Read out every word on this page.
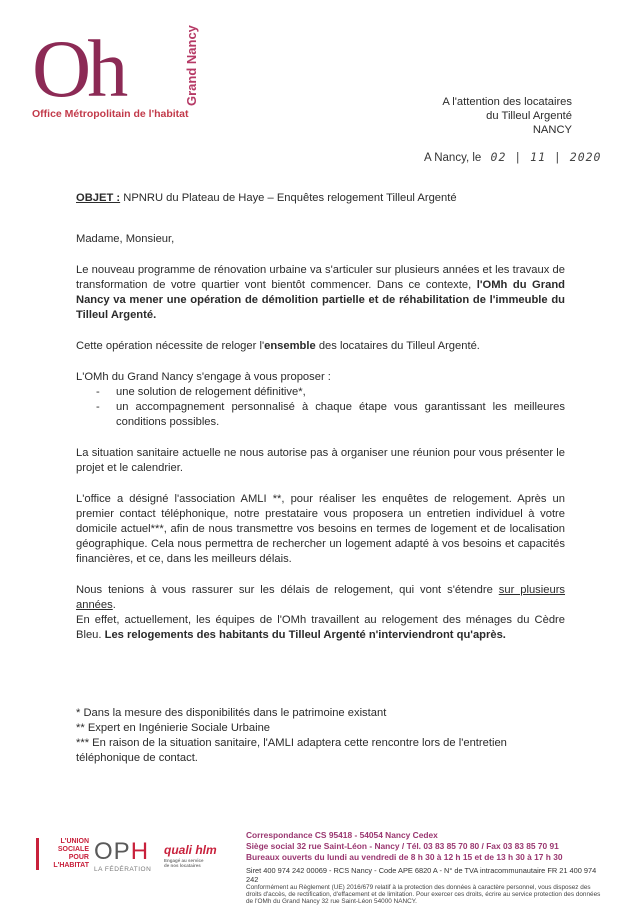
Oh	Grand Nancy
Office Métropolitain de l'habitat
A l'attention des locataires
du Tilleul Argenté
NANCY
A Nancy, le 02 | 11 | 2020
OBJET : NPNRU du Plateau de Haye – Enquêtes relogement Tilleul Argenté

Madame, Monsieur,

Le nouveau programme de rénovation urbaine va s'articuler sur plusieurs années et les travaux de transformation de votre quartier vont bientôt commencer. Dans ce contexte, l'OMh du Grand Nancy va mener une opération de démolition partielle et de réhabilitation de l'immeuble du Tilleul Argenté.

Cette opération nécessite de reloger l'ensemble des locataires du Tilleul Argenté.

L'OMh du Grand Nancy s'engage à vous proposer :

- une solution de relogement définitive*,
- un accompagnement personnalisé à chaque étape vous garantissant les meilleures conditions possibles.

La situation sanitaire actuelle ne nous autorise pas à organiser une réunion pour vous présenter le projet et le calendrier.

L'office a désigné l'association AMLI **, pour réaliser les enquêtes de relogement. Après un premier contact téléphonique, notre prestataire vous proposera un entretien individuel à votre domicile actuel***, afin de nous transmettre vos besoins en termes de logement et de localisation géographique. Cela nous permettra de rechercher un logement adapté à vos besoins et capacités financières, et ce, dans les meilleurs délais.

Nous tenions à vous rassurer sur les délais de relogement, qui vont s'étendre sur plusieurs années.

En effet, actuellement, les équipes de l'OMh travaillent au relogement des ménages du Cèdre Bleu. Les relogements des habitants du Tilleul Argenté n'interviendront qu'après.

* Dans la mesure des disponibilités dans le patrimoine existant
** Expert en Ingénierie Sociale Urbaine
*** En raison de la situation sanitaire, l'AMLI adaptera cette rencontre lors de l'entretien téléphonique de contact.
L'UNION SOCIALE POUR L'HABITAT
OPH
LA FÉDÉRATION
quali hlm
Engagé au service de nos locataires
Correspondance CS 95418 - 54054 Nancy Cedex
Siège social 32 rue Saint-Léon - Nancy / Tél. 03 83 85 70 80 / Fax 03 83 85 70 91
Bureaux ouverts du lundi au vendredi de 8 h 30 à 12 h 15 et de 13 h 30 à 17 h 30
Siret 400 974 242 00069 - RCS Nancy - Code APE 6820 A - N° de TVA intracommunautaire FR 21 400 974 242
Conformément au Règlement (UE) 2016/679 relatif à la protection des données à caractère personnel, vous disposez des droits d'accès, de rectification, d'effacement et de limitation. Pour exercer ces droits, écrire au service protection des données de l'OMh du Grand Nancy 32 rue Saint-Léon 54000 NANCY.
